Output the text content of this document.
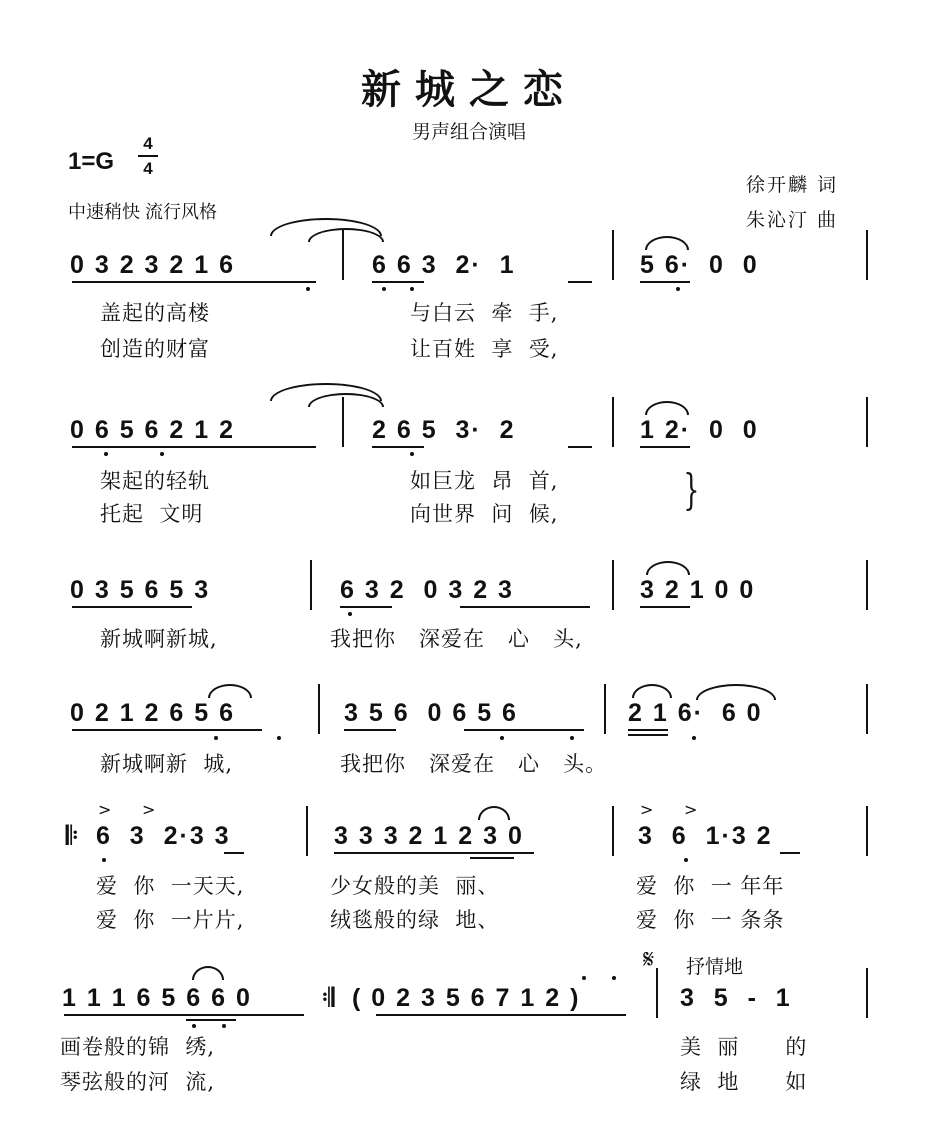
新城之恋
男声组合演唱
1=G
4
4
中速稍快 流行风格
徐开麟 词
朱沁汀 曲
0 3 2 3 2 1 6	6 6 3  2·  1	5 6·  0  0
盖起的高楼	与白云  牵  手,
创造的财富	让百姓  享  受,
0 6 5 6 2 1 2	2 6 5  3·  2	1 2·  0  0
架起的轻轨	如巨龙  昂  首,
托起  文明	向世界  问  候,	}
0 3 5 6 5 3	6 3 2  0 3 2 3	3 2 1 0 0
新城啊新城,	我把你   深爱在   心   头,
0 2 1 2 6 5 6	3 5 6  0 6 5 6	2 1 6·  6 0
新城啊新  城,	我把你   深爱在   心   头。
𝄆
> >
6  3  2·3 3	3 3 3 2 1 2 3 0
> >
3  6  1·3 2
爱  你  一天天,	少女般的美  丽、	爱  你  一 年年
爱  你  一片片,	绒毯般的绿  地、	爱  你  一 条条
𝄋 抒情地
1 1 1 6 5 6 6 0	𝄇 ( 0 2 3 5 6 7 1 2 )	3  5  -  1
画卷般的锦  绣,	美  丽      的
琴弦般的河  流,	绿  地      如
